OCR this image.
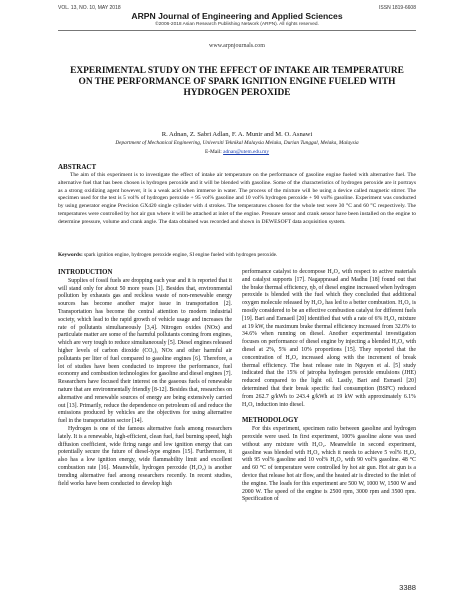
VOL. 13, NO. 10, MAY 2018	ISSN 1819-6608
ARPN Journal of Engineering and Applied Sciences
©2006-2018 Asian Research Publishing Network (ARPN). All rights reserved.
www.arpnjournals.com
EXPERIMENTAL STUDY ON THE EFFECT OF INTAKE AIR TEMPERATURE ON THE PERFORMANCE OF SPARK IGNITION ENGINE FUELED WITH HYDROGEN PEROXIDE
R. Adnan, Z. Sabri Adlan, F. A. Munir and M. O. Asnawi
Department of Mechanical Engineering, Universiti Teknikal Malaysia Melaka, Durian Tunggal, Melaka, Malaysia
E-Mail: adnan@utem.edu.my
ABSTRACT
The aim of this experiment is to investigate the effect of intake air temperature on the performance of gasoline engine fueled with alternative fuel. The alternative fuel that has been chosen is hydrogen peroxide and it will be blended with gasoline. Some of the characteristics of hydrogen peroxide are it portrays as a strong oxidizing agent however, it is a weak acid when immerse in water. The process of the mixture will be using a device called magnetic stirrer. The specimen used for the test is 5 vol% of hydrogen peroxide + 95 vol% gasoline and 10 vol% hydrogen peroxide + 90 vol% gasoline. Experiment was conducted by using generator engine Precision GX420 single cylinder with 4 strokes. The temperatures chosen for the whole test were 30 °C and 60 °C respectively. The temperatures were controlled by hot air gun where it will be attached at inlet of the engine. Pressure sensor and crank sensor have been installed on the engine to determine pressure, volume and crank angle. The data obtained was recorded and shown in DEWESOFT data acquisition system.
Keywords: spark ignition engine, hydrogen peroxide engine, SI engine fueled with hydrogen peroxide.
INTRODUCTION

Supplies of fossil fuels are dropping each year and it is reported that it will stand only for about 50 more years [1]. Besides that, environmental pollution by exhausts gas and reckless waste of non-renewable energy sources has become another major issue in transportation [2]. Transportation has become the central attention to modern industrial society, which lead to the rapid growth of vehicle usage and increases the rate of pollutants simultaneously [3,4]. Nitrogen oxides (NOx) and particulate matter are some of the harmful pollutants coming from engines, which are very tough to reduce simultaneously [5]. Diesel engines released higher levels of carbon dioxide (CO₂), NOx and other harmful air pollutants per liter of fuel compared to gasoline engines [6]. Therefore, a lot of studies have been conducted to improve the performance, fuel economy and combustion technologies for gasoline and diesel engines [7]. Researchers have focused their interest on the gaseous fuels of renewable nature that are environmentally friendly [8-12]. Besides that, researches on alternative and renewable sources of energy are being extensively carried out [13]. Primarily, reduce the dependence on petroleum oil and reduce the emissions produced by vehicles are the objectives for using alternative fuel in the transportation sector [14].

Hydrogen is one of the famous alternative fuels among researchers lately. It is a renewable, high-efficient, clean fuel, fuel burning speed, high diffusion coefficient, wide firing range and low ignition energy that can potentially secure the future of diesel-type engines [15]. Furthermore, it also has a low ignition energy, wide flammability limit and excellent combustion rate [16]. Meanwhile, hydrogen peroxide (H₂O₂) is another trending alternative fuel among researchers recently. In recent studies, field works have been conducted to develop high

performance catalyst to decompose H₂O₂ with respect to active materials and catalyst supports [17]. Nagapprasad and Madhu [18] found out that the brake thermal efficiency, ηb, of diesel engine increased when hydrogen peroxide is blended with the fuel which they concluded that additional oxygen molecule released by H₂O₂ has led to a better combustion. H₂O₂ is mostly considered to be an effective combustion catalyst for different fuels [19]. Bari and Esmaeil [20] identified that with a rate of 6% H₂O₂ mixture at 19 kW, the maximum brake thermal efficiency increased from 32.0% to 34.6% when running on diesel. Another experimental investigation focuses on performance of diesel engine by injecting a blended H₂O₂ with diesel at 2%, 5% and 10% proportions [15]. They reported that the concentration of H₂O₂ increased along with the increment of break thermal efficiency. The heat release rate in Nguyen et al. [5] study indicated that the 15% of jatropha hydrogen peroxide emulsions (JHE) reduced compared to the light oil. Lastly, Bari and Esmaeil [20] determined that their break specific fuel consumption (BSFC) reduced from 262.7 g/kWh to 243.4 g/kWh at 19 kW with approximately 6.1% H₂O₂ induction into diesel.

METHODOLOGY

For this experiment, specimen ratio between gasoline and hydrogen peroxide were used. In first experiment, 100% gasoline alone was used without any mixture with H₂O₂. Meanwhile in second experiment, gasoline was blended with H₂O₂ which it needs to achieve 5 vol% H₂O₂ with 95 vol% gasoline and 10 vol% H₂O₂ with 90 vol% gasoline. 48 °C and 60 °C of temperature were controlled by hot air gun. Hot air gun is a device that release hot air flow, and the heated air is directed to the inlet of the engine. The loads for this experiment are 500 W, 1000 W, 1500 W and 2000 W. The speed of the engine is 2500 rpm, 3000 rpm and 3500 rpm. Specification of

3388
